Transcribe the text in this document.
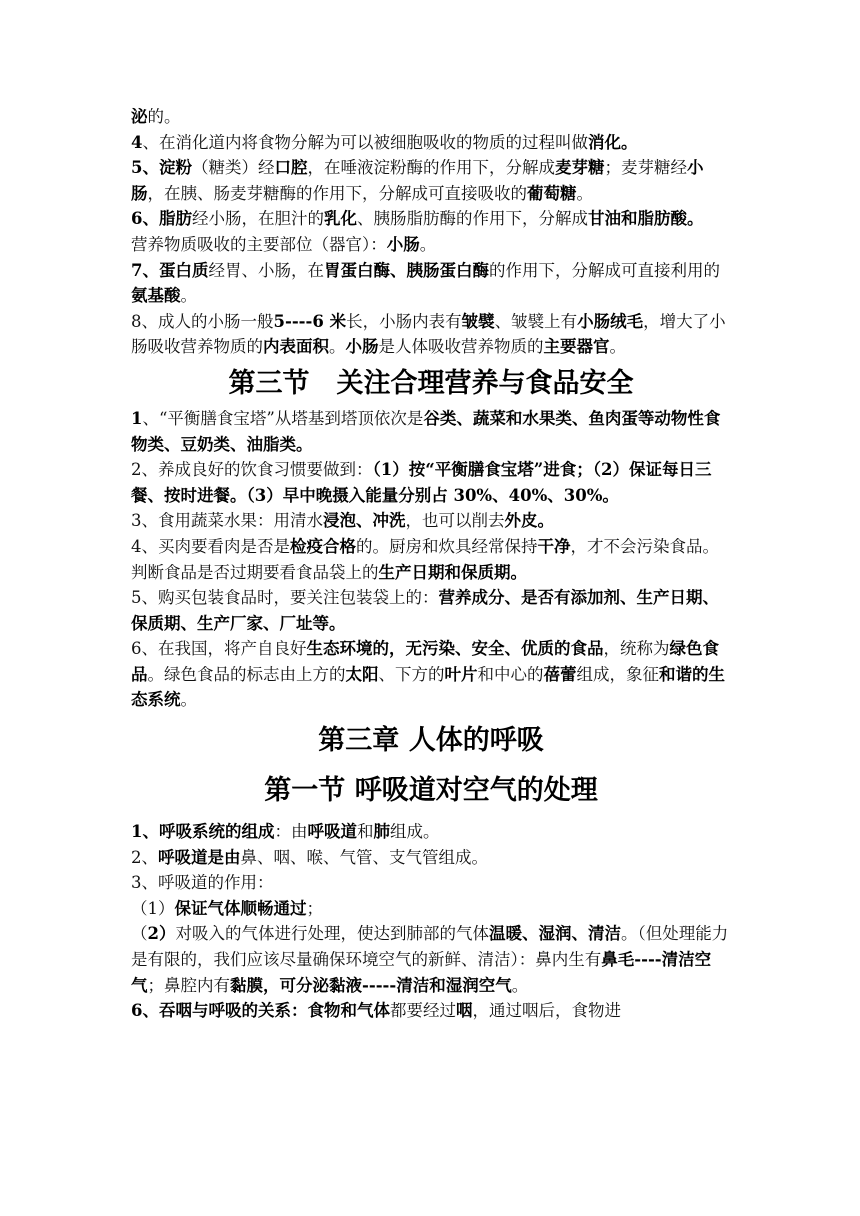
泌的。

4、在消化道内将食物分解为可以被细胞吸收的物质的过程叫做消化。

5、淀粉（糖类）经口腔，在唾液淀粉酶的作用下，分解成麦芽糖；麦芽糖经小肠，在胰、肠麦芽糖酶的作用下，分解成可直接吸收的葡萄糖。

6、脂肪经小肠，在胆汁的乳化、胰肠脂肪酶的作用下，分解成甘油和脂肪酸。

营养物质吸收的主要部位（器官）：小肠。

7、蛋白质经胃、小肠，在胃蛋白酶、胰肠蛋白酶的作用下，分解成可直接利用的氨基酸。

8、成人的小肠一般5----6 米长，小肠内表有皱襞、皱襞上有小肠绒毛，增大了小肠吸收营养物质的内表面积。小肠是人体吸收营养物质的主要器官。

第三节　关注合理营养与食品安全

1、“平衡膳食宝塔”从塔基到塔顶依次是谷类、蔬菜和水果类、鱼肉蛋等动物性食物类、豆奶类、油脂类。

2、养成良好的饮食习惯要做到：（1）按“平衡膳食宝塔”进食；（2）保证每日三餐、按时进餐。（3）早中晚摄入能量分别占 30%、40%、30%。

3、食用蔬菜水果：用清水浸泡、冲洗，也可以削去外皮。

4、买肉要看肉是否是检疫合格的。厨房和炊具经常保持干净，才不会污染食品。判断食品是否过期要看食品袋上的生产日期和保质期。

5、购买包装食品时，要关注包装袋上的：营养成分、是否有添加剂、生产日期、保质期、生产厂家、厂址等。

6、在我国，将产自良好生态环境的，无污染、安全、优质的食品，统称为绿色食品。绿色食品的标志由上方的太阳、下方的叶片和中心的蓓蕾组成，象征和谐的生态系统。

第三章 人体的呼吸
第一节 呼吸道对空气的处理

1、呼吸系统的组成：由呼吸道和肺组成。

2、呼吸道是由鼻、咽、喉、气管、支气管组成。

3、呼吸道的作用：

（1）保证气体顺畅通过；

（2）对吸入的气体进行处理，使达到肺部的气体温暖、湿润、清洁。（但处理能力是有限的，我们应该尽量确保环境空气的新鲜、清洁）：鼻内生有鼻毛----清洁空气；鼻腔内有黏膜，可分泌黏液-----清洁和湿润空气。

6、吞咽与呼吸的关系：食物和气体都要经过咽，通过咽后，食物进
